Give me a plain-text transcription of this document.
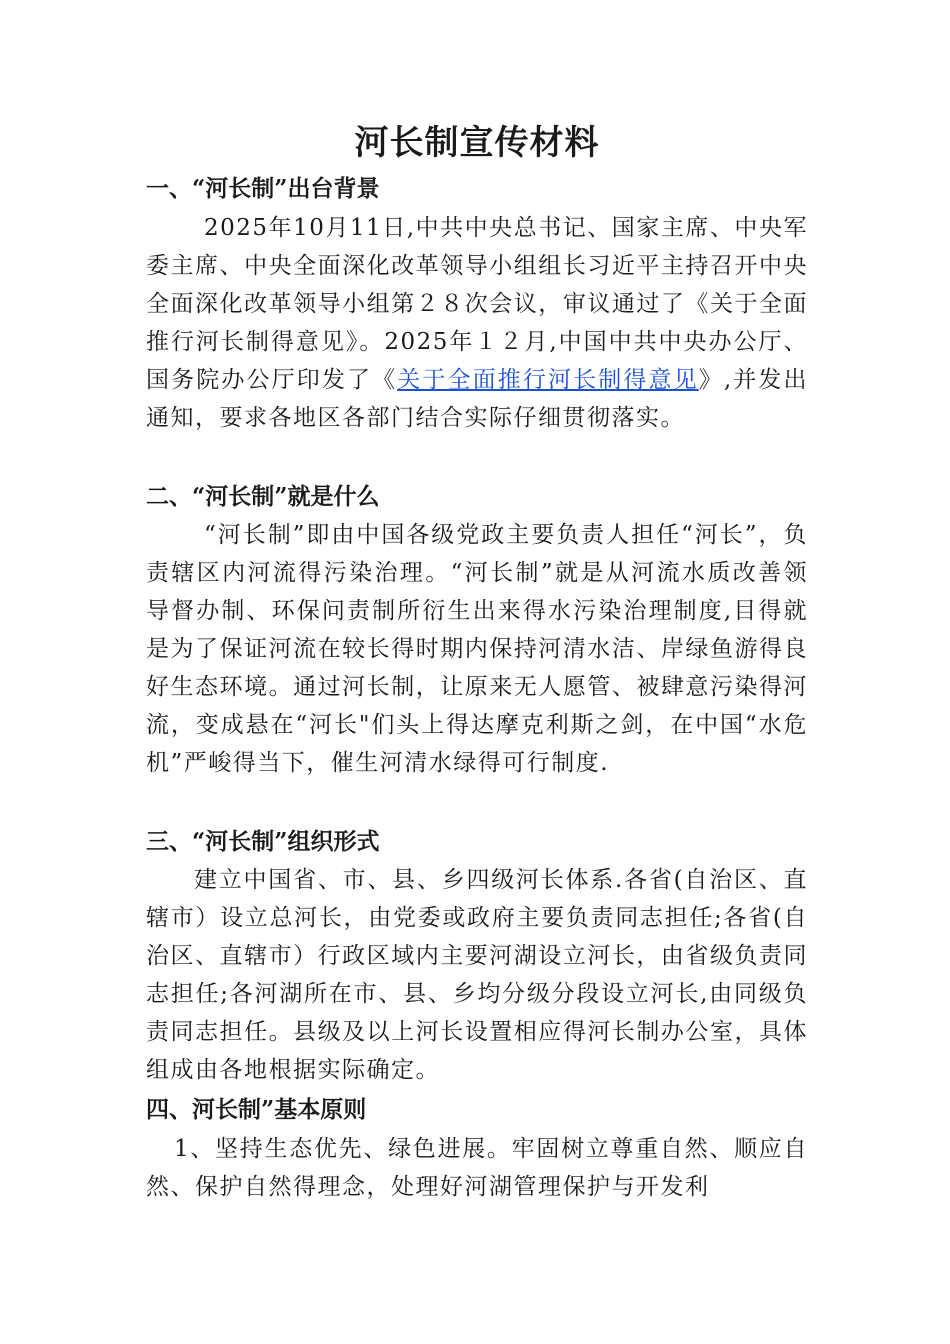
河长制宣传材料
一、“河长制”出台背景
2025年10月11日,中共中央总书记、国家主席、中央军委主席、中央全面深化改革领导小组组长习近平主持召开中央全面深化改革领导小组第２８次会议，审议通过了《关于全面推行河长制得意见》。2025年１２月,中国中共中央办公厅、国务院办公厅印发了《关于全面推行河长制得意见》,并发出通知，要求各地区各部门结合实际仔细贯彻落实。
二、“河长制”就是什么
“河长制”即由中国各级党政主要负责人担任“河长”，负责辖区内河流得污染治理。“河长制”就是从河流水质改善领导督办制、环保问责制所衍生出来得水污染治理制度,目得就是为了保证河流在较长得时期内保持河清水洁、岸绿鱼游得良好生态环境。通过河长制，让原来无人愿管、被肆意污染得河流，变成悬在“河长"们头上得达摩克利斯之剑，在中国“水危机”严峻得当下，催生河清水绿得可行制度.
三、“河长制”组织形式
建立中国省、市、县、乡四级河长体系.各省(自治区、直辖市）设立总河长，由党委或政府主要负责同志担任;各省(自治区、直辖市）行政区域内主要河湖设立河长，由省级负责同志担任;各河湖所在市、县、乡均分级分段设立河长,由同级负责同志担任。县级及以上河长设置相应得河长制办公室，具体组成由各地根据实际确定。
四、河长制”基本原则
1、坚持生态优先、绿色进展。牢固树立尊重自然、顺应自然、保护自然得理念，处理好河湖管理保护与开发利
